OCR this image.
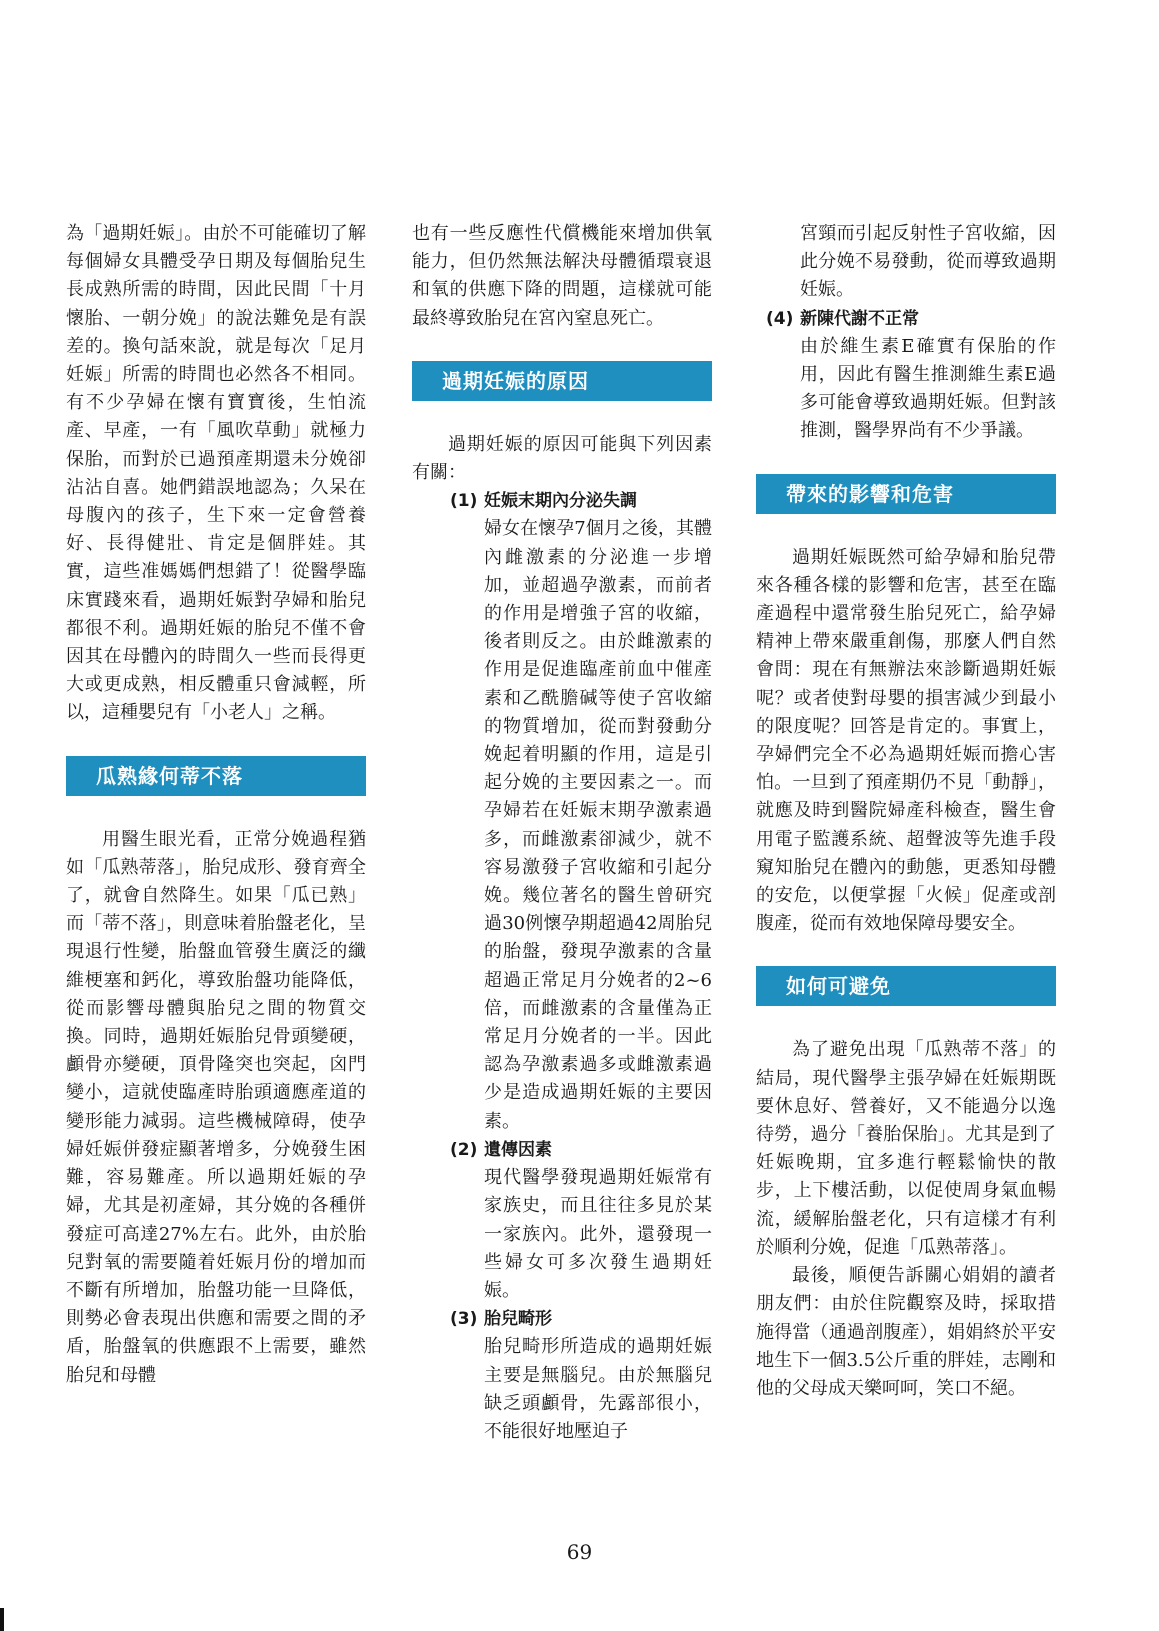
為「過期妊娠」。由於不可能確切了解每個婦女具體受孕日期及每個胎兒生長成熟所需的時間，因此民間「十月懷胎、一朝分娩」的說法難免是有誤差的。換句話來說，就是每次「足月妊娠」所需的時間也必然各不相同。有不少孕婦在懷有寶寶後，生怕流產、早產，一有「風吹草動」就極力保胎，而對於已過預產期還未分娩卻沾沾自喜。她們錯誤地認為；久呆在母腹內的孩子，生下來一定會營養好、長得健壯、肯定是個胖娃。其實，這些准媽媽們想錯了！從醫學臨床實踐來看，過期妊娠對孕婦和胎兒都很不利。過期妊娠的胎兒不僅不會因其在母體內的時間久一些而長得更大或更成熟，相反體重只會減輕，所以，這種嬰兒有「小老人」之稱。

瓜熟緣何蒂不落

用醫生眼光看，正常分娩過程猶如「瓜熟蒂落」，胎兒成形、發育齊全了，就會自然降生。如果「瓜已熟」而「蒂不落」，則意味着胎盤老化，呈現退行性變，胎盤血管發生廣泛的纖維梗塞和鈣化，導致胎盤功能降低，從而影響母體與胎兒之間的物質交換。同時，過期妊娠胎兒骨頭變硬，顱骨亦變硬，頂骨隆突也突起，囟門變小，這就使臨產時胎頭適應產道的變形能力減弱。這些機械障碍，使孕婦妊娠併發症顯著增多，分娩發生困難，容易難產。所以過期妊娠的孕婦，尤其是初產婦，其分娩的各種併發症可高達27%左右。此外，由於胎兒對氧的需要隨着妊娠月份的增加而不斷有所增加，胎盤功能一旦降低，則勢必會表現出供應和需要之間的矛盾，胎盤氧的供應跟不上需要，雖然胎兒和母體

也有一些反應性代償機能來增加供氧能力，但仍然無法解決母體循環衰退和氧的供應下降的問題，這樣就可能最終導致胎兒在宮內窒息死亡。

過期妊娠的原因

過期妊娠的原因可能與下列因素有關：

(1) 妊娠末期內分泌失調

婦女在懷孕7個月之後，其體內雌激素的分泌進一步增加，並超過孕激素，而前者的作用是增強子宮的收縮，後者則反之。由於雌激素的作用是促進臨產前血中催產素和乙酰膽碱等使子宮收縮的物質增加，從而對發動分娩起着明顯的作用，這是引起分娩的主要因素之一。而孕婦若在妊娠末期孕激素過多，而雌激素卻減少，就不容易激發子宮收縮和引起分娩。幾位著名的醫生曾研究過30例懷孕期超過42周胎兒的胎盤，發現孕激素的含量超過正常足月分娩者的2~6倍，而雌激素的含量僅為正常足月分娩者的一半。因此認為孕激素過多或雌激素過少是造成過期妊娠的主要因素。

(2) 遺傳因素

現代醫學發現過期妊娠常有家族史，而且往往多見於某一家族內。此外，還發現一些婦女可多次發生過期妊娠。

(3) 胎兒畸形

胎兒畸形所造成的過期妊娠主要是無腦兒。由於無腦兒缺乏頭顱骨，先露部很小，不能很好地壓迫子

宮頸而引起反射性子宮收縮，因此分娩不易發動，從而導致過期妊娠。

(4) 新陳代謝不正常

由於維生素E確實有保胎的作用，因此有醫生推測維生素E過多可能會導致過期妊娠。但對該推測，醫學界尚有不少爭議。

帶來的影響和危害

過期妊娠既然可給孕婦和胎兒帶來各種各樣的影響和危害，甚至在臨產過程中還常發生胎兒死亡，給孕婦精神上帶來嚴重創傷，那麼人們自然會問：現在有無辦法來診斷過期妊娠呢？或者使對母嬰的損害減少到最小的限度呢？回答是肯定的。事實上，孕婦們完全不必為過期妊娠而擔心害怕。一旦到了預產期仍不見「動靜」，就應及時到醫院婦產科檢查，醫生會用電子監護系統、超聲波等先進手段窺知胎兒在體內的動態，更悉知母體的安危，以便掌握「火候」促產或剖腹產，從而有效地保障母嬰安全。

如何可避免

為了避免出現「瓜熟蒂不落」的結局，現代醫學主張孕婦在妊娠期既要休息好、營養好，又不能過分以逸待勞，過分「養胎保胎」。尤其是到了妊娠晚期，宜多進行輕鬆愉快的散步，上下樓活動，以促使周身氣血暢流，緩解胎盤老化，只有這樣才有利於順利分娩，促進「瓜熟蒂落」。

最後，順便告訴關心娟娟的讀者朋友們：由於住院觀察及時，採取措施得當（通過剖腹產），娟娟終於平安地生下一個3.5公斤重的胖娃，志剛和他的父母成天樂呵呵，笑口不絕。

69
